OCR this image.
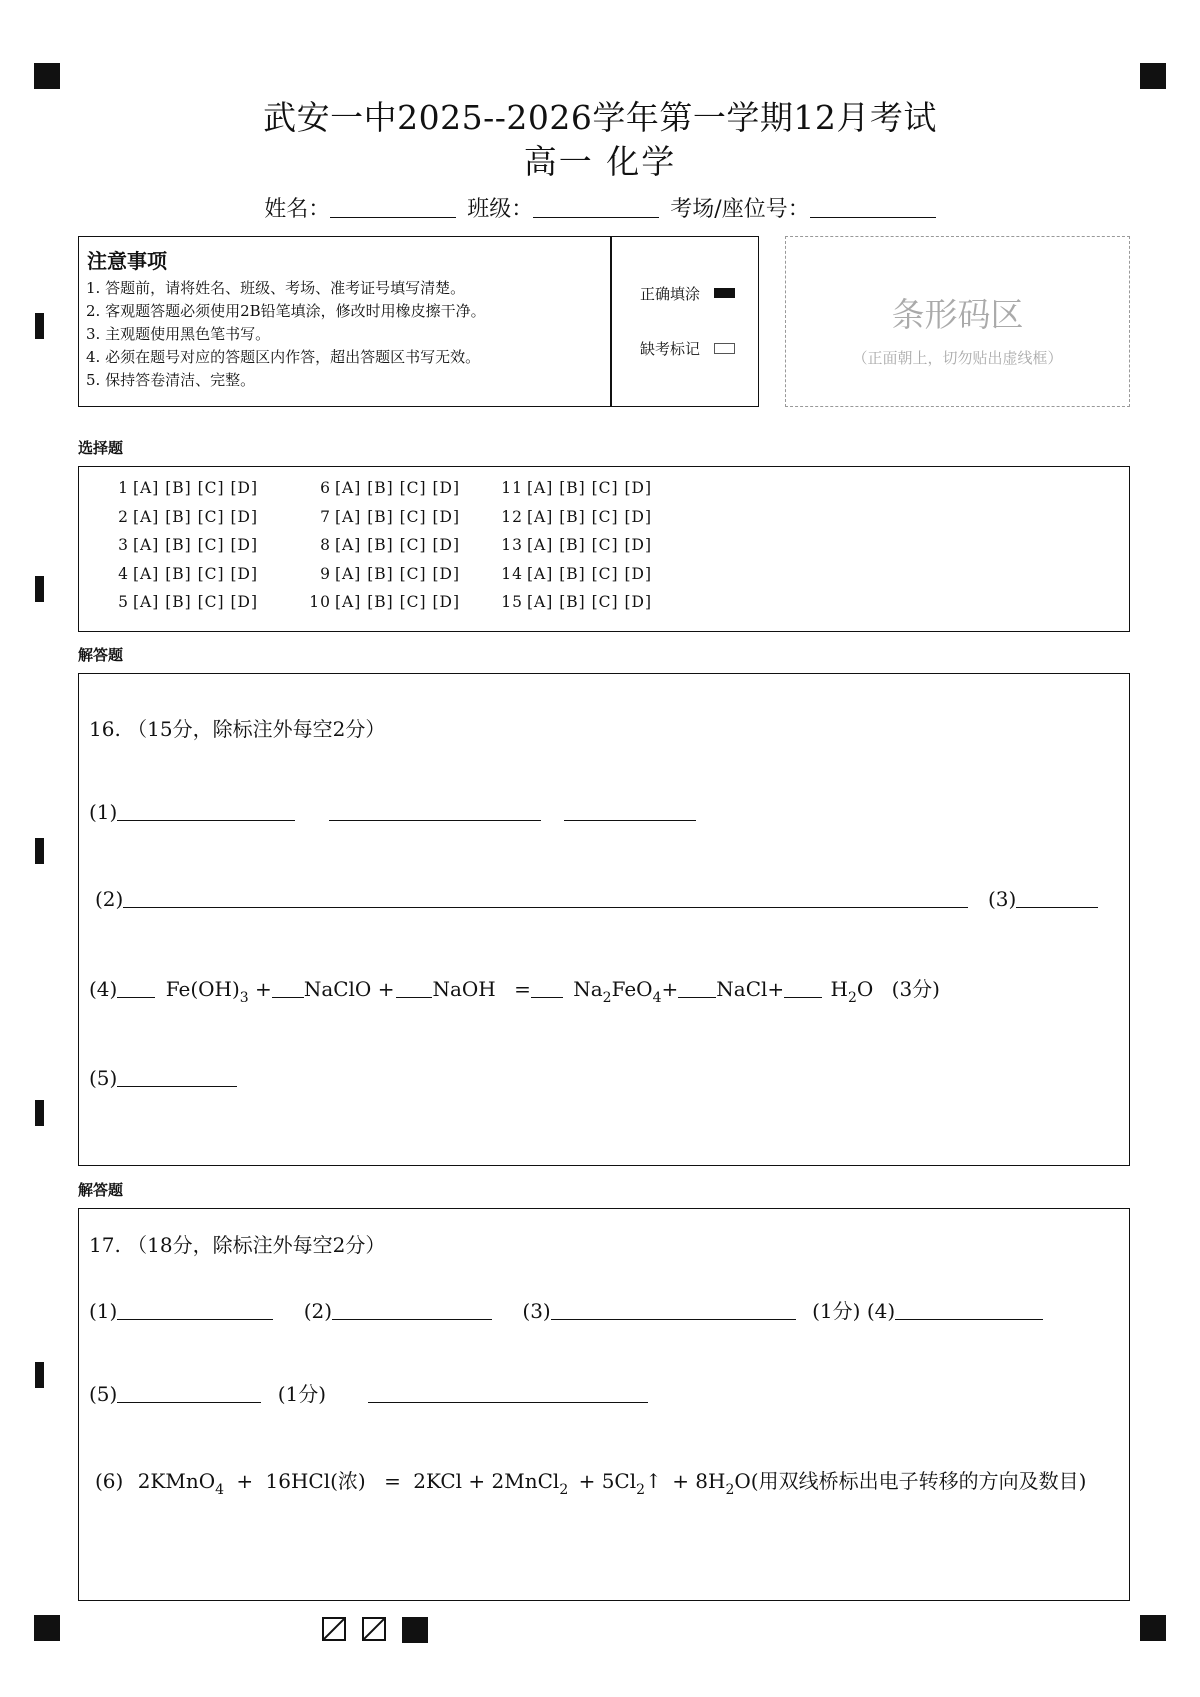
武安一中2025--2026学年第一学期12月考试
高一 化学
姓名：	班级：	考场/座位号：
注意事项
1. 答题前，请将姓名、班级、考场、准考证号填写清楚。
2. 客观题答题必须使用2B铅笔填涂，修改时用橡皮擦干净。
3. 主观题使用黑色笔书写。
4. 必须在题号对应的答题区内作答，超出答题区书写无效。
5. 保持答卷清洁、完整。
正确填涂
缺考标记
条形码区
（正面朝上，切勿贴出虚线框）
选择题
1 [A] [B] [C] [D]
2 [A] [B] [C] [D]
3 [A] [B] [C] [D]
4 [A] [B] [C] [D]
5 [A] [B] [C] [D]
6 [A] [B] [C] [D]
7 [A] [B] [C] [D]
8 [A] [B] [C] [D]
9 [A] [B] [C] [D]
10 [A] [B] [C] [D]
11 [A] [B] [C] [D]
12 [A] [B] [C] [D]
13 [A] [B] [C] [D]
14 [A] [B] [C] [D]
15 [A] [B] [C] [D]
解答题
16. （15分，除标注外每空2分）
(1)
(2)	(3)
(4) $Fe(OH)_3$ + NaClO + NaOH = $Na_2FeO_4+$ NaCl+ $H_2O$ (3分)
(5)
解答题
17. （18分，除标注外每空2分）
(1)	(2)	(3)	(1分) (4)
(5)	(1分)
(6) 2KMnO$_4$ + 16HCl(浓) = 2KCl + 2MnCl$_2$ + $5Cl_2↑ + 8H_2O$(用双线桥标出电子转移的方向及数目)
